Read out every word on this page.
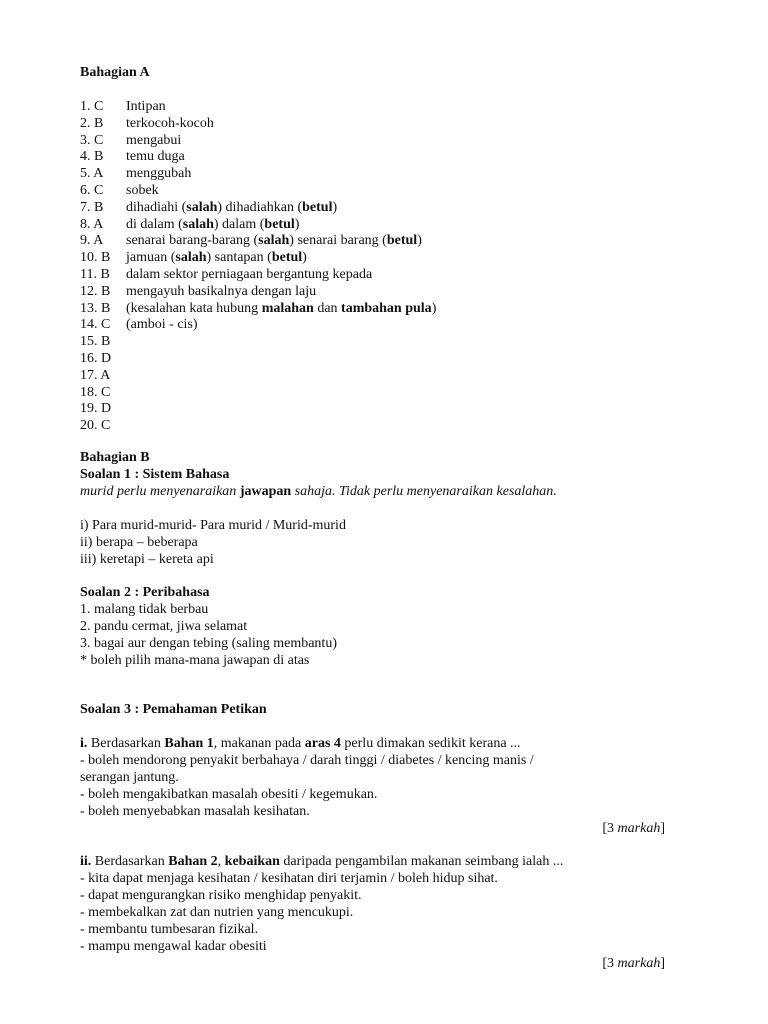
Bahagian A
1. C Intipan
2. B terkocoh-kocoh
3. C mengabui
4. B temu duga
5. A menggubah
6. C sobek
7. B dihadiahi (salah) dihadiahkan (betul)
8. A di dalam (salah) dalam (betul)
9. A senarai barang-barang (salah) senarai barang (betul)
10. B jamuan (salah) santapan (betul)
11. B dalam sektor perniagaan bergantung kepada
12. B mengayuh basikalnya dengan laju
13. B (kesalahan kata hubung malahan dan tambahan pula)
14. C (amboi - cis)
15. B
16. D
17. A
18. C
19. D
20. C
Bahagian B
Soalan 1 : Sistem Bahasa
murid perlu menyenaraikan jawapan sahaja. Tidak perlu menyenaraikan kesalahan.
i) Para murid-murid- Para murid / Murid-murid
ii) berapa – beberapa
iii) keretapi – kereta api
Soalan 2 : Peribahasa
1. malang tidak berbau
2. pandu cermat, jiwa selamat
3. bagai aur dengan tebing (saling membantu)
* boleh pilih mana-mana jawapan di atas
Soalan 3 : Pemahaman Petikan
i. Berdasarkan Bahan 1, makanan pada aras 4 perlu dimakan sedikit kerana ...
- boleh mendorong penyakit berbahaya / darah tinggi / diabetes / kencing manis /
serangan jantung.
- boleh mengakibatkan masalah obesiti / kegemukan.
- boleh menyebabkan masalah kesihatan.
[3 markah]
ii. Berdasarkan Bahan 2, kebaikan daripada pengambilan makanan seimbang ialah ...
- kita dapat menjaga kesihatan / kesihatan diri terjamin / boleh hidup sihat.
- dapat mengurangkan risiko menghidap penyakit.
- membekalkan zat dan nutrien yang mencukupi.
- membantu tumbesaran fizikal.
- mampu mengawal kadar obesiti
[3 markah]
